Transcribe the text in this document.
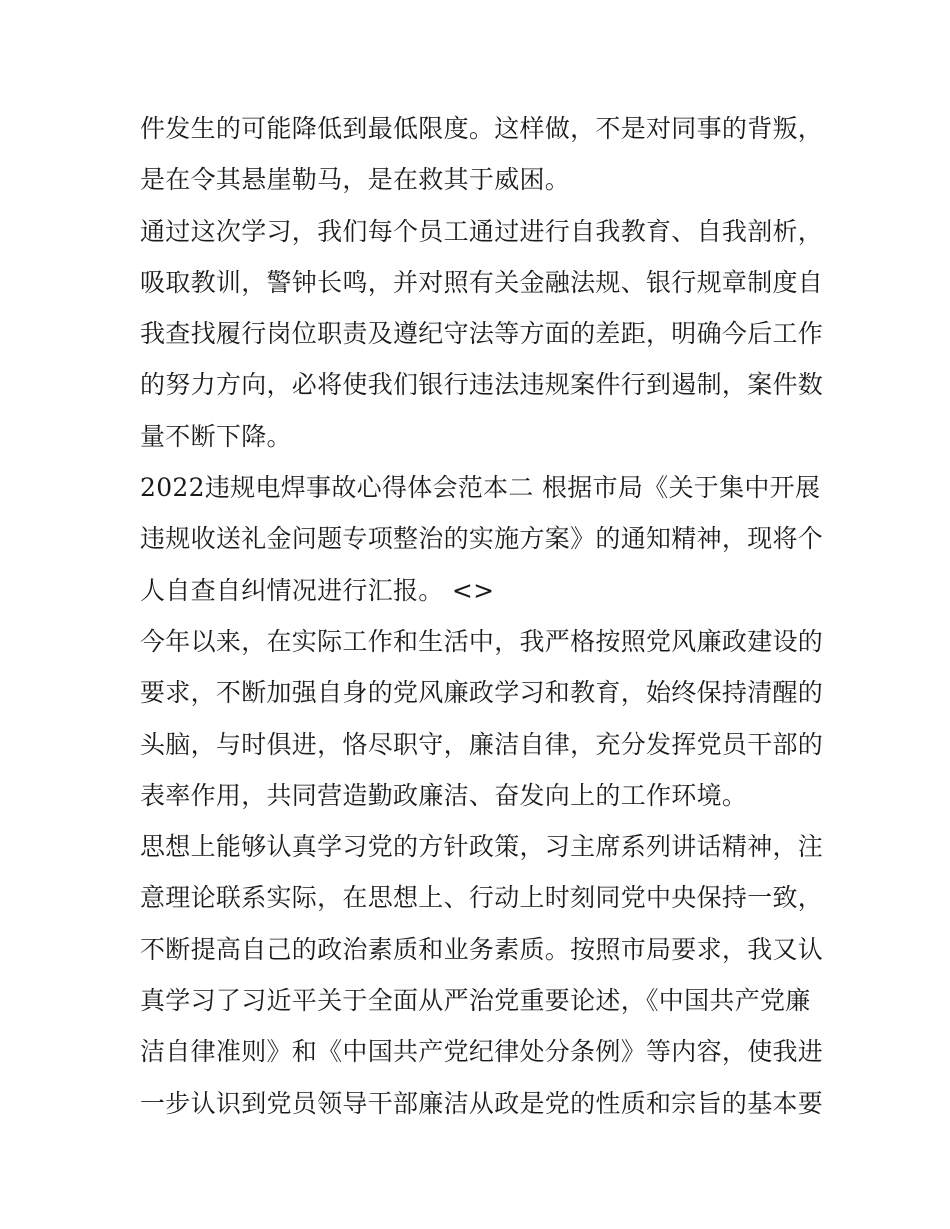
件发生的可能降低到最低限度。这样做，不是对同事的背叛，
是在令其悬崖勒马，是在救其于威困。
通过这次学习，我们每个员工通过进行自我教育、自我剖析，
吸取教训，警钟长鸣，并对照有关金融法规、银行规章制度自
我查找履行岗位职责及遵纪守法等方面的差距，明确今后工作
的努力方向，必将使我们银行违法违规案件行到遏制，案件数
量不断下降。
2022违规电焊事故心得体会范本二 根据市局《关于集中开展
违规收送礼金问题专项整治的实施方案》的通知精神，现将个
人自查自纠情况进行汇报。 <>
今年以来，在实际工作和生活中，我严格按照党风廉政建设的
要求，不断加强自身的党风廉政学习和教育，始终保持清醒的
头脑，与时俱进，恪尽职守，廉洁自律，充分发挥党员干部的
表率作用，共同营造勤政廉洁、奋发向上的工作环境。
思想上能够认真学习党的方针政策，习主席系列讲话精神，注
意理论联系实际，在思想上、行动上时刻同党中央保持一致，
不断提高自己的政治素质和业务素质。按照市局要求，我又认
真学习了习近平关于全面从严治党重要论述，《中国共产党廉
洁自律准则》和《中国共产党纪律处分条例》等内容，使我进
一步认识到党员领导干部廉洁从政是党的性质和宗旨的基本要
